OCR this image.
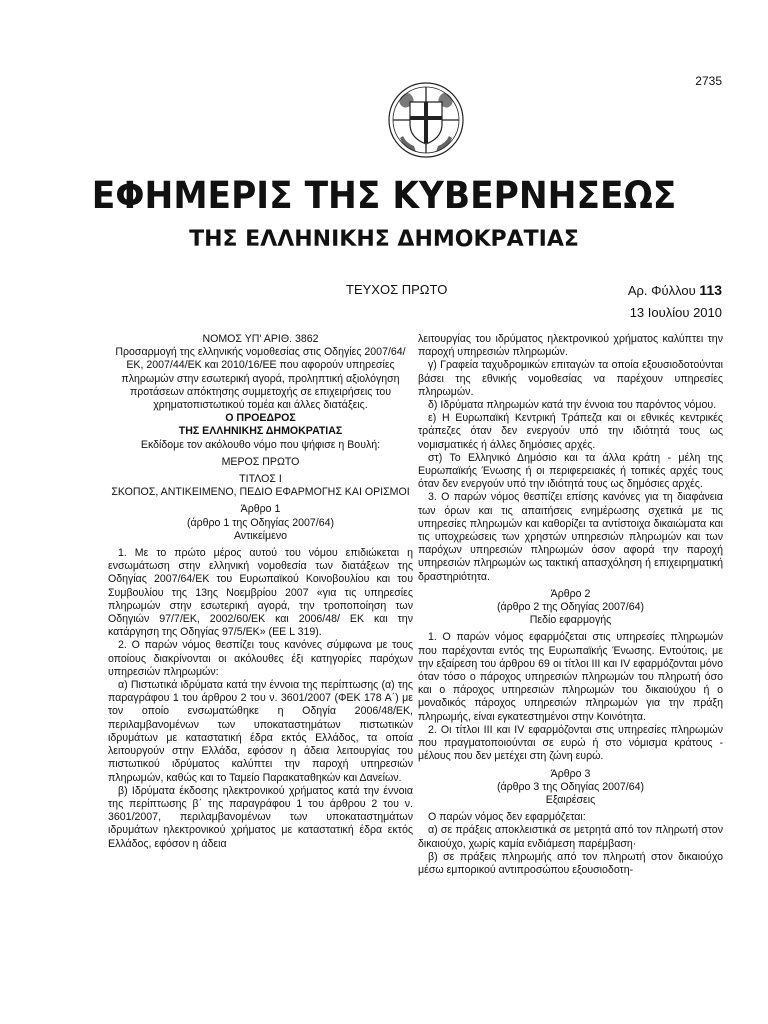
2735
ΕΦΗΜΕΡΙΣ ΤΗΣ ΚΥΒΕΡΝΗΣΕΩΣ
ΤΗΣ ΕΛΛΗΝΙΚΗΣ ΔΗΜΟΚΡΑΤΙΑΣ
ΤΕΥΧΟΣ ΠΡΩΤΟ	Αρ. Φύλλου 113
13 Ιουλίου 2010

ΝΟΜΟΣ ΥΠ' ΑΡΙΘ. 3862

Προσαρμογή της ελληνικής νομοθεσίας στις Οδηγίες 2007/64/ΕΚ, 2007/44/ΕΚ και 2010/16/ΕΕ που αφορούν υπηρεσίες πληρωμών στην εσωτερική αγορά, προληπτική αξιολόγηση προτάσεων απόκτησης συμμετοχής σε επιχειρήσεις του χρηματοπιστωτικού τομέα και άλλες διατάξεις.

Ο ΠΡΟΕΔΡΟΣ

ΤΗΣ ΕΛΛΗΝΙΚΗΣ ΔΗΜΟΚΡΑΤΙΑΣ

Εκδίδομε τον ακόλουθο νόμο που ψήφισε η Βουλή:

ΜΕΡΟΣ ΠΡΩΤΟ

ΤΙΤΛΟΣ Ι

ΣΚΟΠΟΣ, ΑΝΤΙΚΕΙΜΕΝΟ, ΠΕΔΙΟ ΕΦΑΡΜΟΓΗΣ ΚΑΙ ΟΡΙΣΜΟΙ

Άρθρο 1

(άρθρο 1 της Οδηγίας 2007/64)

Αντικείμενο

1. Με το πρώτο μέρος αυτού του νόμου επιδιώκεται η ενσωμάτωση στην ελληνική νομοθεσία των διατάξεων της Οδηγίας 2007/64/ΕΚ του Ευρωπαϊκού Κοινοβουλίου και του Συμβουλίου της 13ης Νοεμβρίου 2007 «για τις υπηρεσίες πληρωμών στην εσωτερική αγορά, την τροποποίηση των Οδηγιών 97/7/ΕΚ, 2002/60/ΕΚ και 2006/48/ ΕΚ και την κατάργηση της Οδηγίας 97/5/ΕΚ» (ΕΕ L 319).

2. Ο παρών νόμος θεσπίζει τους κανόνες σύμφωνα με τους οποίους διακρίνονται οι ακόλουθες έξι κατηγορίες παρόχων υπηρεσιών πληρωμών:

α) Πιστωτικά ιδρύματα κατά την έννοια της περίπτωσης (α) της παραγράφου 1 του άρθρου 2 του ν. 3601/2007 (ΦΕΚ 178 Α΄) με τον οποίο ενσωματώθηκε η Οδηγία 2006/48/ΕΚ, περιλαμβανομένων των υποκαταστημάτων πιστωτικών ιδρυμάτων με καταστατική έδρα εκτός Ελλάδος, τα οποία λειτουργούν στην Ελλάδα, εφόσον η άδεια λειτουργίας του πιστωτικού ιδρύματος καλύπτει την παροχή υπηρεσιών πληρωμών, καθώς και το Ταμείο Παρακαταθηκών και Δανείων.

β) Ιδρύματα έκδοσης ηλεκτρονικού χρήματος κατά την έννοια της περίπτωσης β΄ της παραγράφου 1 του άρθρου 2 του ν. 3601/2007, περιλαμβανομένων των υποκαταστημάτων ιδρυμάτων ηλεκτρονικού χρήματος με καταστατική έδρα εκτός Ελλάδος, εφόσον η άδεια

λειτουργίας του ιδρύματος ηλεκτρονικού χρήματος καλύπτει την παροχή υπηρεσιών πληρωμών.

γ) Γραφεία ταχυδρομικών επιταγών τα οποία εξουσιοδοτούνται βάσει της εθνικής νομοθεσίας να παρέχουν υπηρεσίες πληρωμών.

δ) Ιδρύματα πληρωμών κατά την έννοια του παρόντος νόμου.

ε) Η Ευρωπαϊκή Κεντρική Τράπεζα και οι εθνικές κεντρικές τράπεζες όταν δεν ενεργούν υπό την ιδιότητά τους ως νομισματικές ή άλλες δημόσιες αρχές.

στ) Το Ελληνικό Δημόσιο και τα άλλα κράτη - μέλη της Ευρωπαϊκής Ένωσης ή οι περιφερειακές ή τοπικές αρχές τους όταν δεν ενεργούν υπό την ιδιότητά τους ως δημόσιες αρχές.

3. Ο παρών νόμος θεσπίζει επίσης κανόνες για τη διαφάνεια των όρων και τις απαιτήσεις ενημέρωσης σχετικά με τις υπηρεσίες πληρωμών και καθορίζει τα αντίστοιχα δικαιώματα και τις υποχρεώσεις των χρηστών υπηρεσιών πληρωμών και των παρόχων υπηρεσιών πληρωμών όσον αφορά την παροχή υπηρεσιών πληρωμών ως τακτική απασχόληση ή επιχειρηματική δραστηριότητα.

Άρθρο 2

(άρθρο 2 της Οδηγίας 2007/64)

Πεδίο εφαρμογής

1. Ο παρών νόμος εφαρμόζεται στις υπηρεσίες πληρωμών που παρέχονται εντός της Ευρωπαϊκής Ένωσης. Εντούτοις, με την εξαίρεση του άρθρου 69 οι τίτλοι ΙΙΙ και IV εφαρμόζονται μόνο όταν τόσο ο πάροχος υπηρεσιών πληρωμών του πληρωτή όσο και ο πάροχος υπηρεσιών πληρωμών του δικαιούχου ή ο μοναδικός πάροχος υπηρεσιών πληρωμών για την πράξη πληρωμής, είναι εγκατεστημένοι στην Κοινότητα.

2. Οι τίτλοι ΙΙΙ και IV εφαρμόζονται στις υπηρεσίες πληρωμών που πραγματοποιούνται σε ευρώ ή στο νόμισμα κράτους - μέλους που δεν μετέχει στη ζώνη ευρώ.

Άρθρο 3

(άρθρο 3 της Οδηγίας 2007/64)

Εξαιρέσεις

Ο παρών νόμος δεν εφαρμόζεται:

α) σε πράξεις αποκλειστικά σε μετρητά από τον πληρωτή στον δικαιούχο, χωρίς καμία ενδιάμεση παρέμβαση·

β) σε πράξεις πληρωμής από τον πληρωτή στον δικαιούχο μέσω εμπορικού αντιπροσώπου εξουσιοδοτη-
